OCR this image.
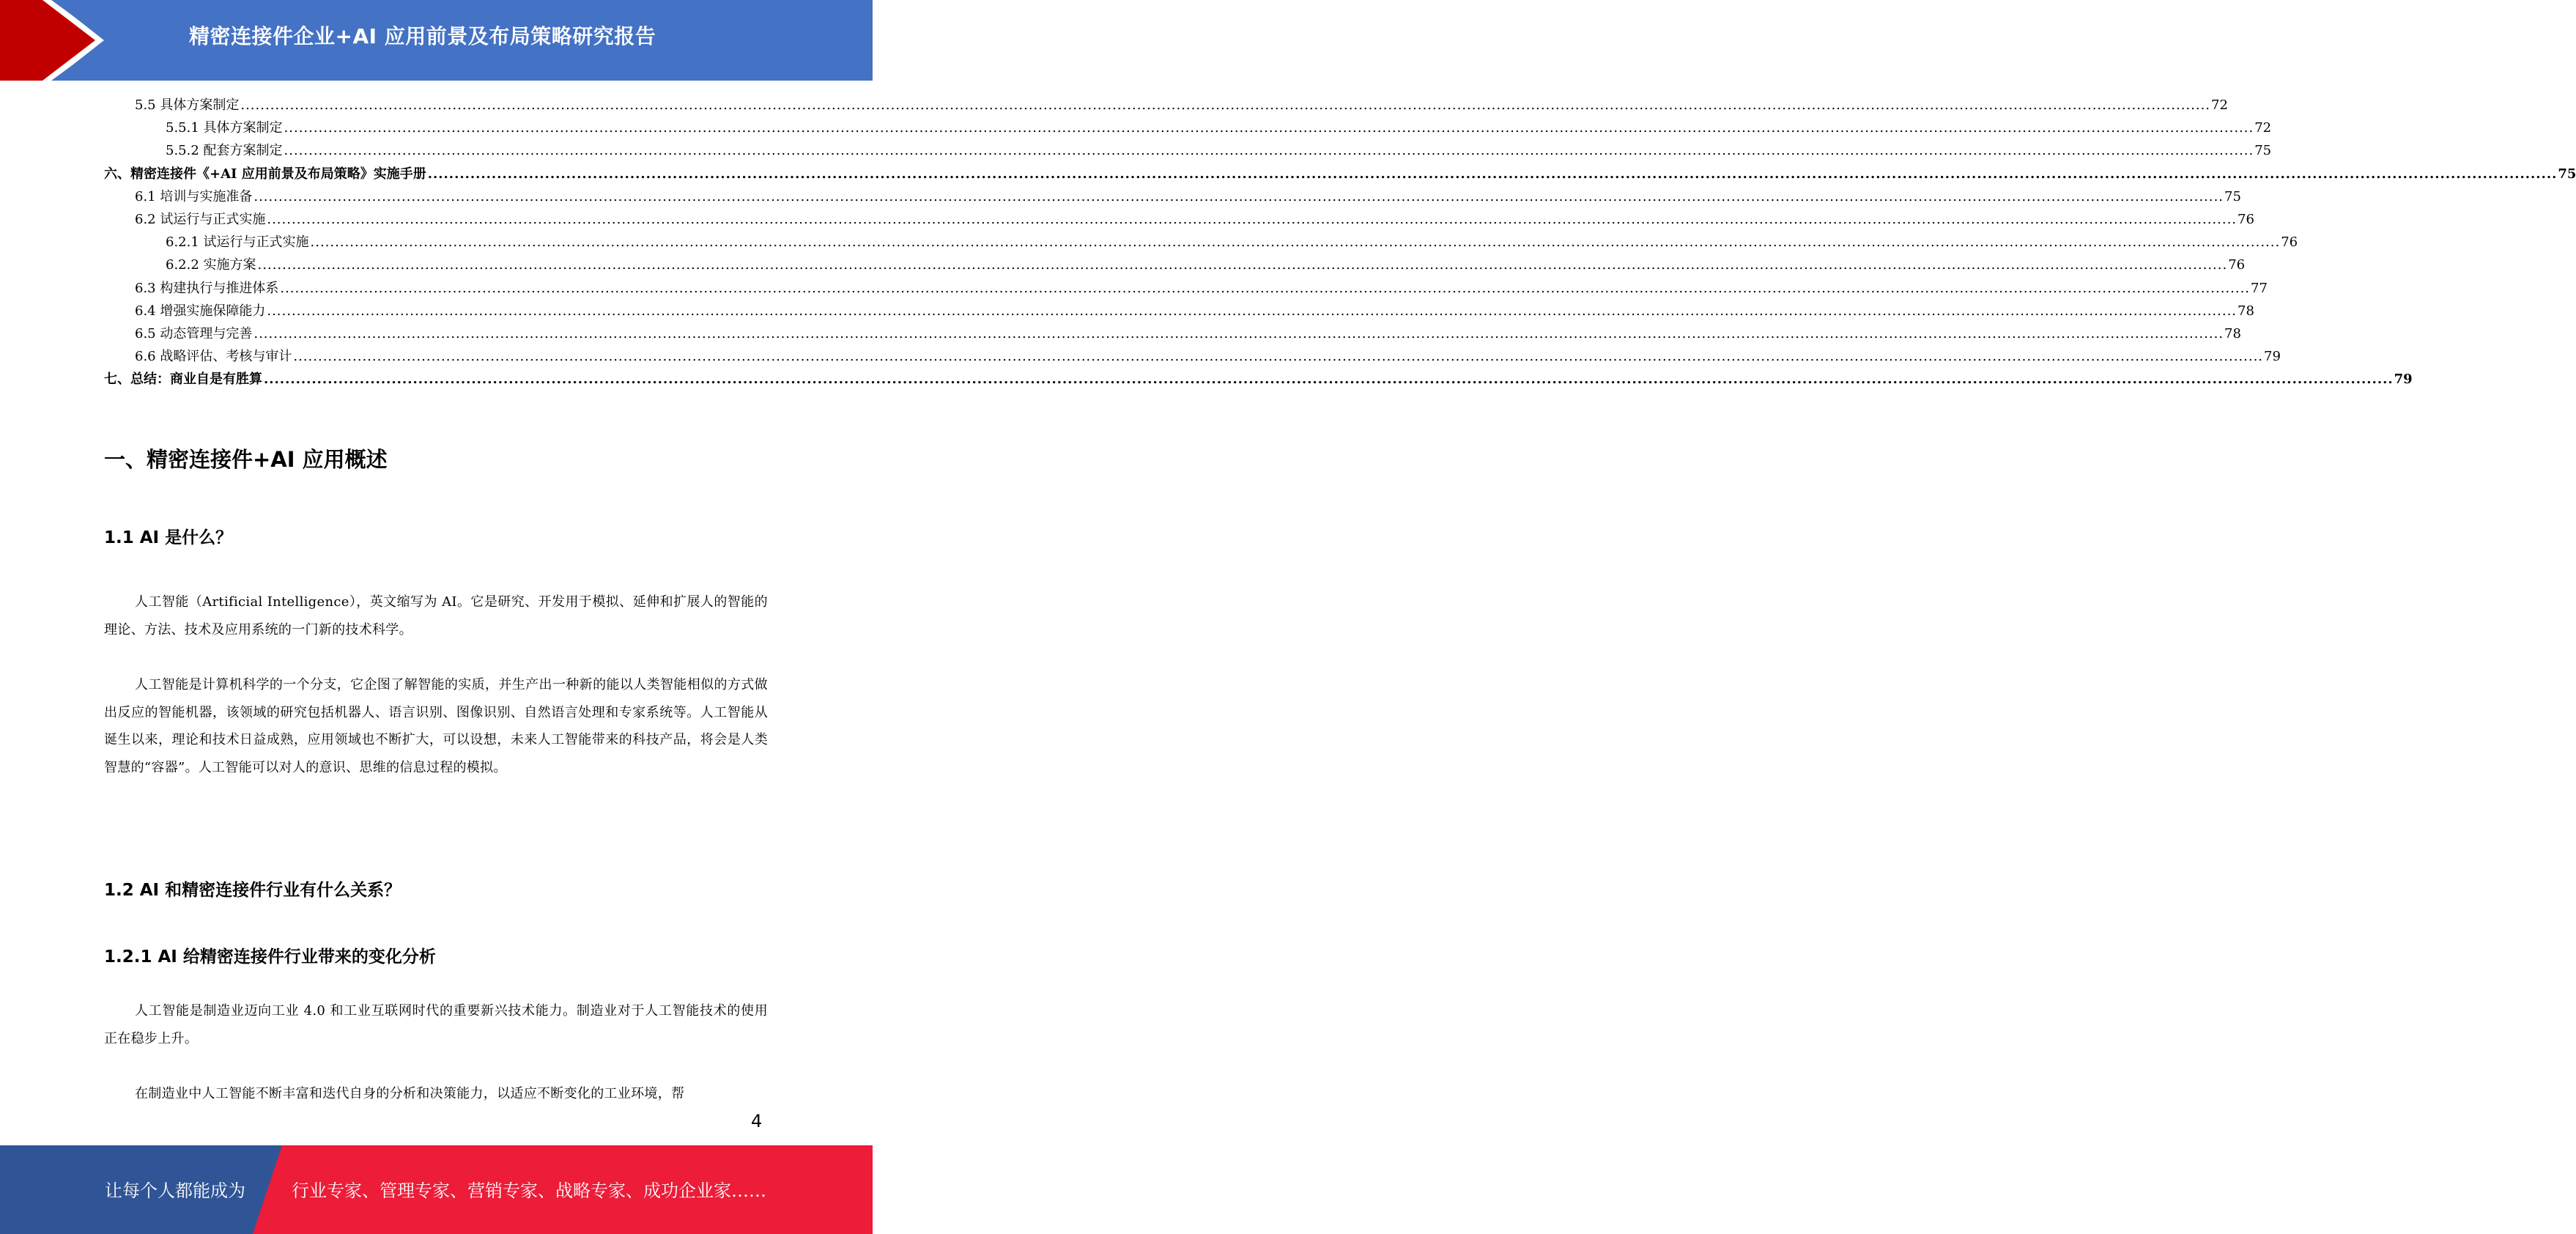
精密连接件企业+AI 应用前景及布局策略研究报告
5.5 具体方案制定 ................................................................................................................................................................................................................................................................................................................................................................................................................ 72
5.5.1 具体方案制定 ................................................................................................................................................................................................................................................................................................................................................................................................................ 72
5.5.2 配套方案制定 ................................................................................................................................................................................................................................................................................................................................................................................................................ 75
六、精密连接件《+AI 应用前景及布局策略》实施手册 ................................................................................................................................................................................................................................................................................................................................................................................................................ 75
6.1 培训与实施准备 ................................................................................................................................................................................................................................................................................................................................................................................................................ 75
6.2 试运行与正式实施 ................................................................................................................................................................................................................................................................................................................................................................................................................ 76
6.2.1 试运行与正式实施 ................................................................................................................................................................................................................................................................................................................................................................................................................ 76
6.2.2 实施方案 ................................................................................................................................................................................................................................................................................................................................................................................................................ 76
6.3 构建执行与推进体系 ................................................................................................................................................................................................................................................................................................................................................................................................................ 77
6.4 增强实施保障能力 ................................................................................................................................................................................................................................................................................................................................................................................................................ 78
6.5 动态管理与完善 ................................................................................................................................................................................................................................................................................................................................................................................................................ 78
6.6 战略评估、考核与审计 ................................................................................................................................................................................................................................................................................................................................................................................................................ 79
七、总结：商业自是有胜算 ................................................................................................................................................................................................................................................................................................................................................................................................................ 79
一、精密连接件+AI 应用概述
1.1 AI 是什么？

人工智能（Artificial Intelligence），英文缩写为 AI。它是研究、开发用于模拟、延伸和扩展人的智能的理论、方法、技术及应用系统的一门新的技术科学。

人工智能是计算机科学的一个分支，它企图了解智能的实质，并生产出一种新的能以人类智能相似的方式做出反应的智能机器，该领域的研究包括机器人、语言识别、图像识别、自然语言处理和专家系统等。人工智能从诞生以来，理论和技术日益成熟，应用领域也不断扩大，可以设想，未来人工智能带来的科技产品，将会是人类智慧的“容器”。人工智能可以对人的意识、思维的信息过程的模拟。

1.2 AI 和精密连接件行业有什么关系？
1.2.1 AI 给精密连接件行业带来的变化分析

人工智能是制造业迈向工业 4.0 和工业互联网时代的重要新兴技术能力。制造业对于人工智能技术的使用正在稳步上升。

在制造业中人工智能不断丰富和迭代自身的分析和决策能力，以适应不断变化的工业环境，帮

4
让每个人都能成为	行业专家、管理专家、营销专家、战略专家、成功企业家……
